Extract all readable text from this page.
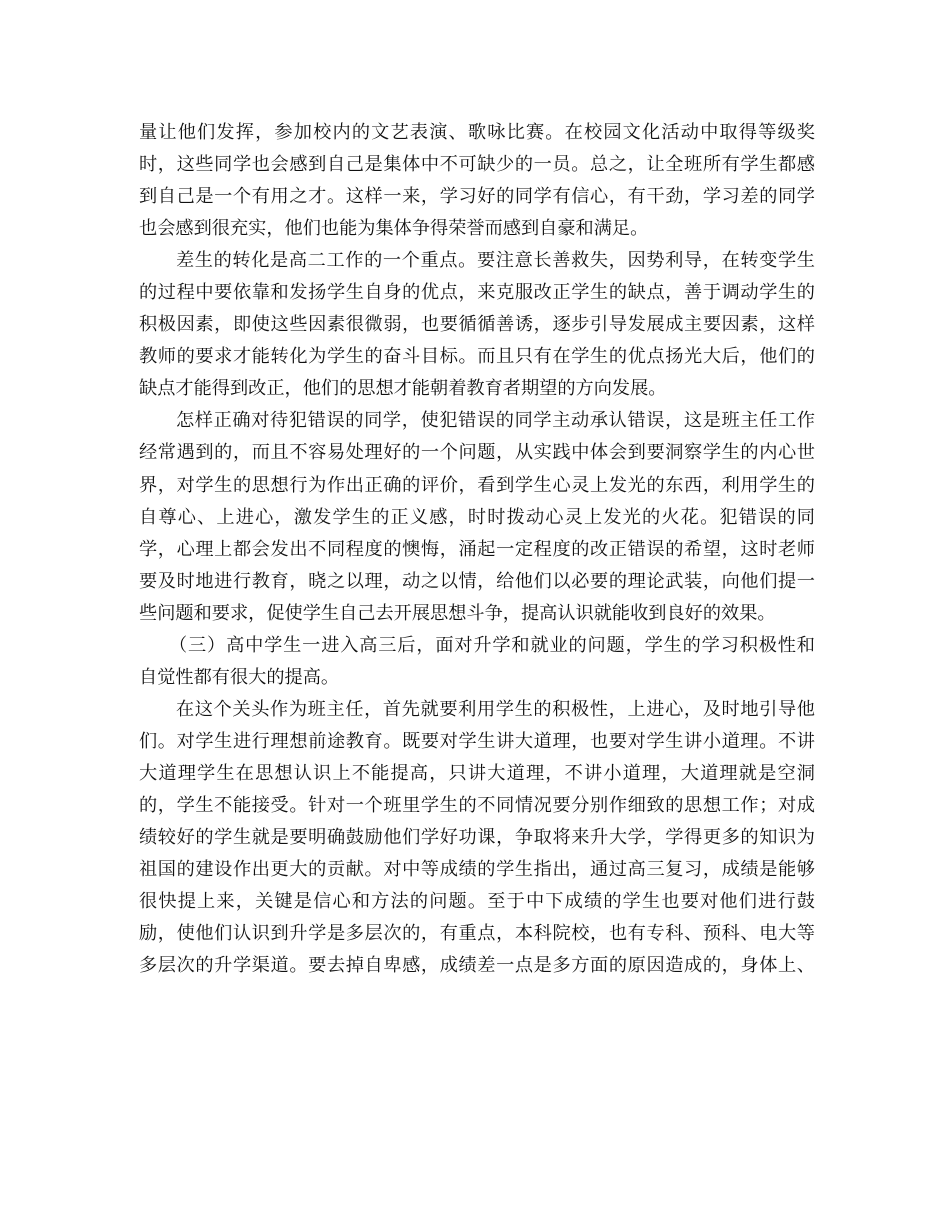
量让他们发挥，参加校内的文艺表演、歌咏比赛。在校园文化活动中取得等级奖
时，这些同学也会感到自己是集体中不可缺少的一员。总之，让全班所有学生都感
到自己是一个有用之才。这样一来，学习好的同学有信心，有干劲，学习差的同学
也会感到很充实，他们也能为集体争得荣誉而感到自豪和满足。
差生的转化是高二工作的一个重点。要注意长善救失，因势利导，在转变学生
的过程中要依靠和发扬学生自身的优点，来克服改正学生的缺点，善于调动学生的
积极因素，即使这些因素很微弱，也要循循善诱，逐步引导发展成主要因素，这样
教师的要求才能转化为学生的奋斗目标。而且只有在学生的优点扬光大后，他们的
缺点才能得到改正，他们的思想才能朝着教育者期望的方向发展。
怎样正确对待犯错误的同学，使犯错误的同学主动承认错误，这是班主任工作
经常遇到的，而且不容易处理好的一个问题，从实践中体会到要洞察学生的内心世
界，对学生的思想行为作出正确的评价，看到学生心灵上发光的东西，利用学生的
自尊心、上进心，激发学生的正义感，时时拨动心灵上发光的火花。犯错误的同
学，心理上都会发出不同程度的懊悔，涌起一定程度的改正错误的希望，这时老师
要及时地进行教育，晓之以理，动之以情，给他们以必要的理论武装，向他们提一
些问题和要求，促使学生自己去开展思想斗争，提高认识就能收到良好的效果。
（三）高中学生一进入高三后，面对升学和就业的问题，学生的学习积极性和
自觉性都有很大的提高。
在这个关头作为班主任，首先就要利用学生的积极性，上进心，及时地引导他
们。对学生进行理想前途教育。既要对学生讲大道理，也要对学生讲小道理。不讲
大道理学生在思想认识上不能提高，只讲大道理，不讲小道理，大道理就是空洞
的，学生不能接受。针对一个班里学生的不同情况要分别作细致的思想工作；对成
绩较好的学生就是要明确鼓励他们学好功课，争取将来升大学，学得更多的知识为
祖国的建设作出更大的贡献。对中等成绩的学生指出，通过高三复习，成绩是能够
很快提上来，关键是信心和方法的问题。至于中下成绩的学生也要对他们进行鼓
励，使他们认识到升学是多层次的，有重点，本科院校，也有专科、预科、电大等
多层次的升学渠道。要去掉自卑感，成绩差一点是多方面的原因造成的，身体上、
